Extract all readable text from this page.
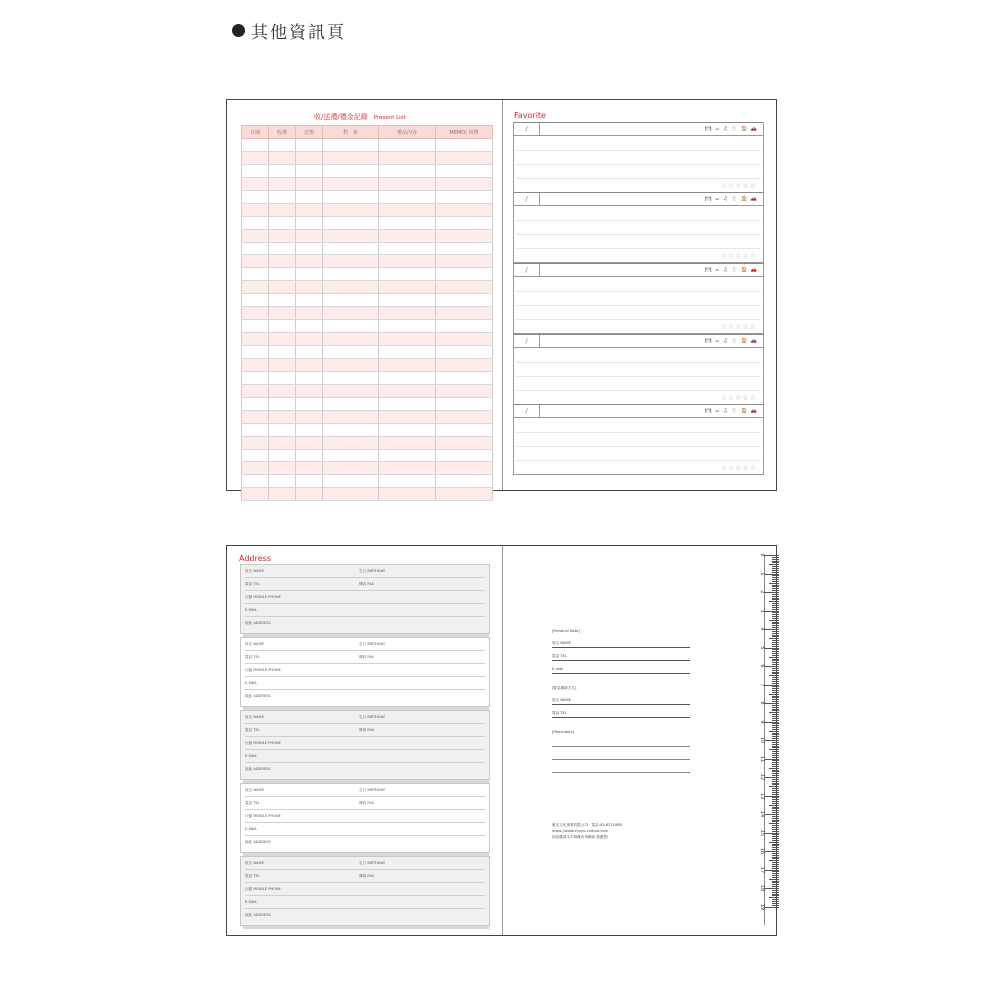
其他資訊頁
收/送禮/禮金記錄 Present List
日期	收禮	送禮	對　象	禮品內容	MEMO/ 回禮

Favorite
/	🍽 ☕ ♫ 🍴 🏠 🚗
☆☆☆☆☆
/	🍽 ☕ ♫ 🍴 🏠 🚗
☆☆☆☆☆
/	🍽 ☕ ♫ 🍴 🏠 🚗
☆☆☆☆☆
/	🍽 ☕ ♫ 🍴 🏠 🚗
☆☆☆☆☆
/	🍽 ☕ ♫ 🍴 🏠 🚗
☆☆☆☆☆
Address
姓名 NAME	生日 BIRTHDAY
電話 TEL	傳真 FAX
行動 MOBILE PHONE
E-MAIL
地址 ADDRESS
姓名 NAME	生日 BIRTHDAY
電話 TEL	傳真 FAX
行動 MOBILE PHONE
E-MAIL
地址 ADDRESS
姓名 NAME	生日 BIRTHDAY
電話 TEL	傳真 FAX
行動 MOBILE PHONE
E-MAIL
地址 ADDRESS
姓名 NAME	生日 BIRTHDAY
電話 TEL	傳真 FAX
行動 MOBILE PHONE
E-MAIL
地址 ADDRESS
姓名 NAME	生日 BIRTHDAY
電話 TEL	傳真 FAX
行動 MOBILE PHONE
E-MAIL
地址 ADDRESS
[Personal Note]
姓名 NAME
電話 TEL
E-mail
[緊急聯絡方式]
姓名 NAME
電話 TEL
[Reminders]
雅友文化事業有限公司　電話:05-6221888
https://www.chuyu-culture.com
如拾獲請本手冊擁有者聯絡 感謝您!
0
1
2
3
4
5
6
7
8
9
10
11
12
13
14
15
16
17
18
19
